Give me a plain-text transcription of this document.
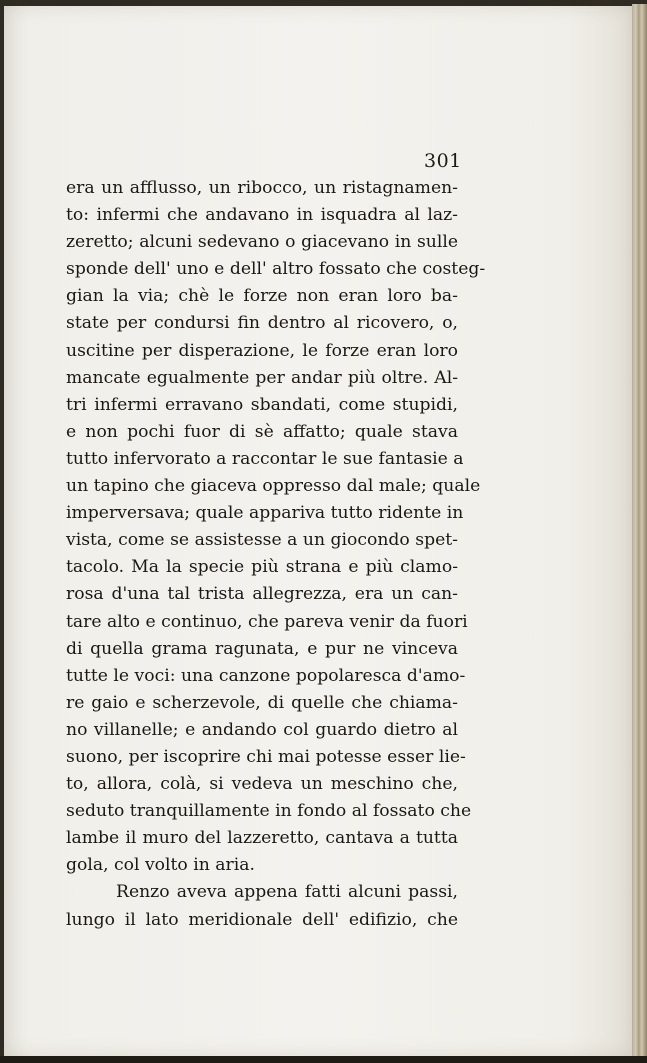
301
era un afflusso, un ribocco, un ristagnamen-
to: infermi che andavano in isquadra al laz-
zeretto; alcuni sedevano o giacevano in sulle
sponde dell' uno e dell' altro fossato che costeg-
gian la via; chè le forze non eran loro ba-
state per condursi fin dentro al ricovero, o,
uscitine per disperazione, le forze eran loro
mancate egualmente per andar più oltre. Al-
tri infermi erravano sbandati, come stupidi,
e non pochi fuor di sè affatto; quale stava
tutto infervorato a raccontar le sue fantasie a
un tapino che giaceva oppresso dal male; quale
imperversava; quale appariva tutto ridente in
vista, come se assistesse a un giocondo spet-
tacolo. Ma la specie più strana e più clamo-
rosa d'una tal trista allegrezza, era un can-
tare alto e continuo, che pareva venir da fuori
di quella grama ragunata, e pur ne vinceva
tutte le voci: una canzone popolaresca d'amo-
re gaio e scherzevole, di quelle che chiama-
no villanelle; e andando col guardo dietro al
suono, per iscoprire chi mai potesse esser lie-
to, allora, colà, si vedeva un meschino che,
seduto tranquillamente in fondo al fossato che
lambe il muro del lazzeretto, cantava a tutta
gola, col volto in aria.
Renzo aveva appena fatti alcuni passi,
lungo il lato meridionale dell' edifizio, che
